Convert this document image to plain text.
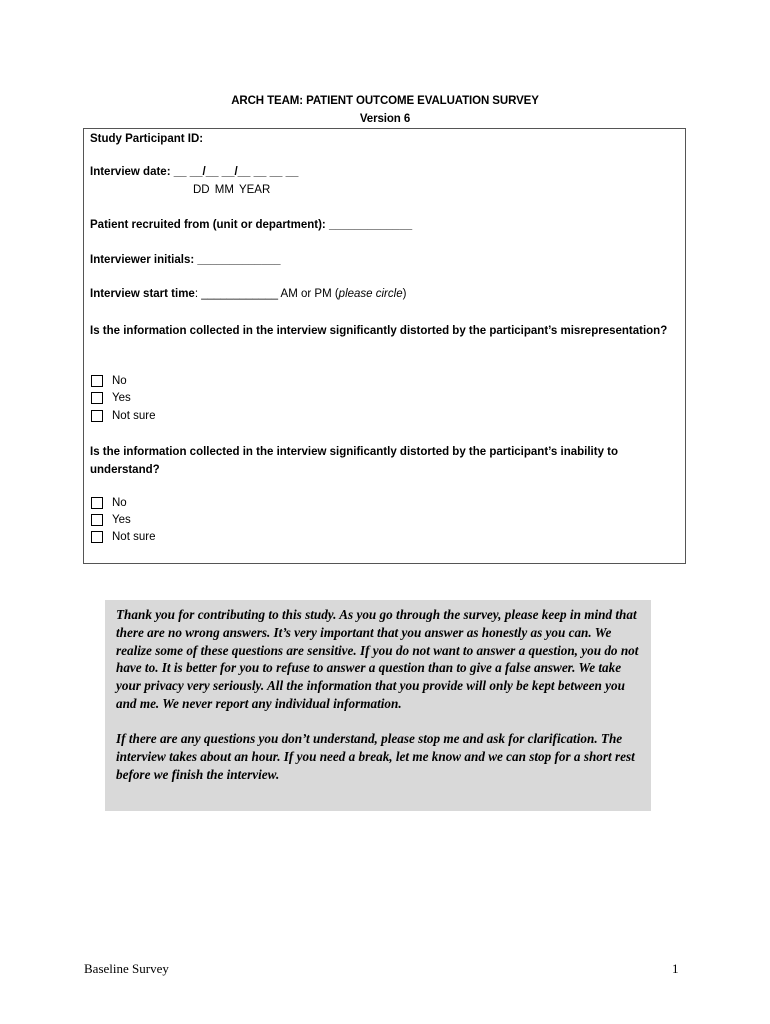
ARCH TEAM: PATIENT OUTCOME EVALUATION SURVEY
Version 6
Study Participant ID:
Interview date: __ __/__ __/__ __ __ __
DD MM YEAR
Patient recruited from (unit or department): _____________
Interviewer initials: _____________
Interview start time: ____________ AM or PM (please circle)
Is the information collected in the interview significantly distorted by the participant’s misrepresentation?
No
Yes
Not sure
Is the information collected in the interview significantly distorted by the participant’s inability to understand?
No
Yes
Not sure

Thank you for contributing to this study. As you go through the survey, please keep in mind that there are no wrong answers. It’s very important that you answer as honestly as you can. We realize some of these questions are sensitive. If you do not want to answer a question, you do not have to. It is better for you to refuse to answer a question than to give a false answer. We take your privacy very seriously. All the information that you provide will only be kept between you and me. We never report any individual information.

If there are any questions you don’t understand, please stop me and ask for clarification. The interview takes about an hour. If you need a break, let me know and we can stop for a short rest before we finish the interview.

Baseline Survey	1
